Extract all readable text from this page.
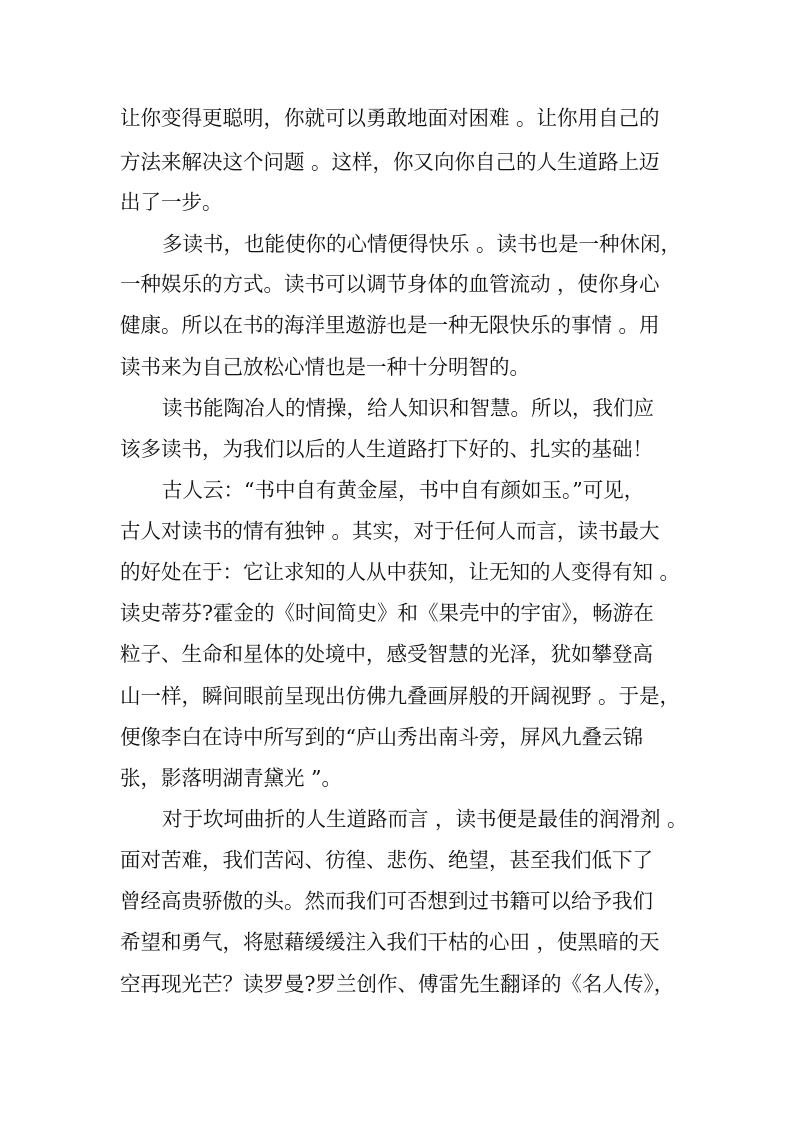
让你变得更聪明，你就可以勇敢地面对困难 。让你用自己的

方法来解决这个问题 。这样，你又向你自己的人生道路上迈

出了一步。

多读书，也能使你的心情便得快乐 。读书也是一种休闲，

一种娱乐的方式。读书可以调节身体的血管流动 ，使你身心

健康。所以在书的海洋里遨游也是一种无限快乐的事情 。用

读书来为自己放松心情也是一种十分明智的。

读书能陶冶人的情操，给人知识和智慧。所以，我们应

该多读书，为我们以后的人生道路打下好的、扎实的基础！

古人云：“书中自有黄金屋，书中自有颜如玉。”可见，

古人对读书的情有独钟 。其实，对于任何人而言，读书最大

的好处在于：它让求知的人从中获知，让无知的人变得有知 。

读史蒂芬?霍金的《时间简史》和《果壳中的宇宙》，畅游在

粒子、生命和星体的处境中，感受智慧的光泽，犹如攀登高

山一样，瞬间眼前呈现出仿佛九叠画屏般的开阔视野 。于是，

便像李白在诗中所写到的“庐山秀出南斗旁，屏风九叠云锦

张，影落明湖青黛光 ”。

对于坎坷曲折的人生道路而言 ，读书便是最佳的润滑剂 。

面对苦难，我们苦闷、彷徨、悲伤、绝望，甚至我们低下了

曾经高贵骄傲的头。然而我们可否想到过书籍可以给予我们

希望和勇气，将慰藉缓缓注入我们干枯的心田 ，使黑暗的天

空再现光芒？读罗曼?罗兰创作、傅雷先生翻译的《名人传》，
